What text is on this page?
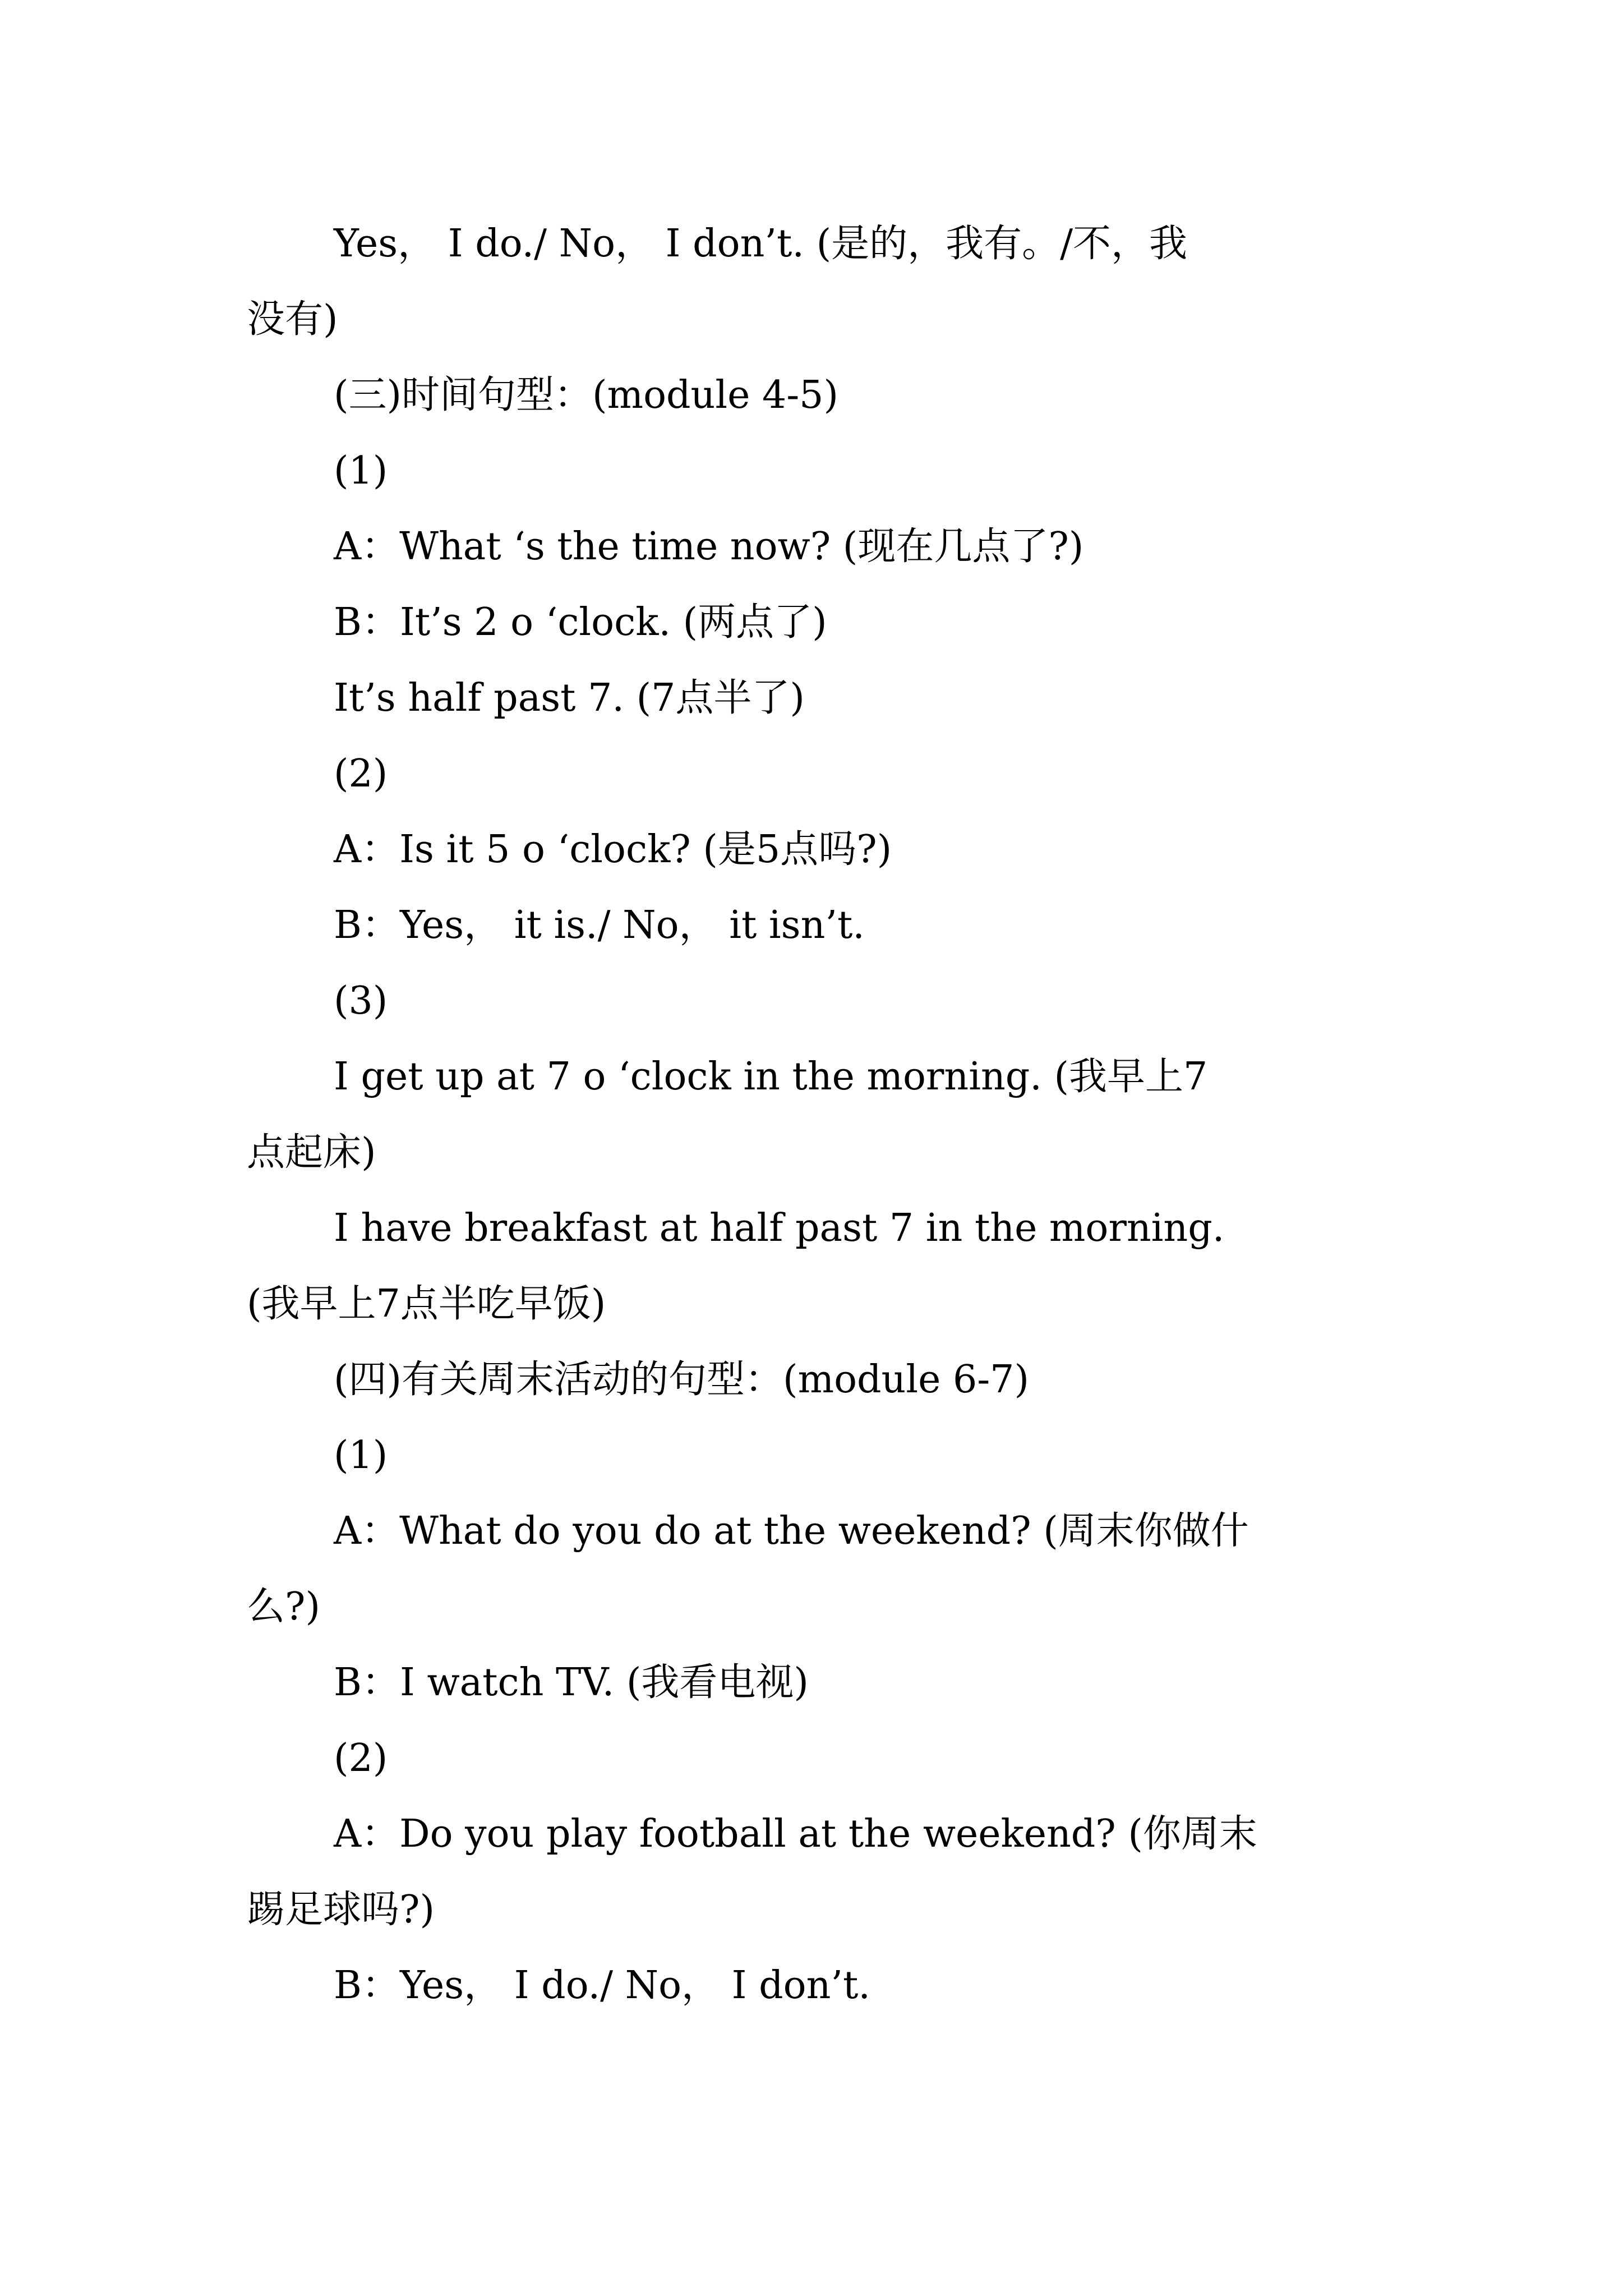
Yes， I do./ No， I don’t. (是的，我有。/不，我
没有)
(三)时间句型：(module 4-5)
(1)
A：What ‘s the time now? (现在几点了?)
B：It’s 2 o ‘clock. (两点了)
It’s half past 7. (7点半了)
(2)
A：Is it 5 o ‘clock? (是5点吗?)
B：Yes， it is./ No， it isn’t.
(3)
I get up at 7 o ‘clock in the morning. (我早上7
点起床)
I have breakfast at half past 7 in the morning.
(我早上7点半吃早饭)
(四)有关周末活动的句型：(module 6-7)
(1)
A：What do you do at the weekend? (周末你做什
么?)
B：I watch TV. (我看电视)
(2)
A：Do you play football at the weekend? (你周末
踢足球吗?)
B：Yes， I do./ No， I don’t.
